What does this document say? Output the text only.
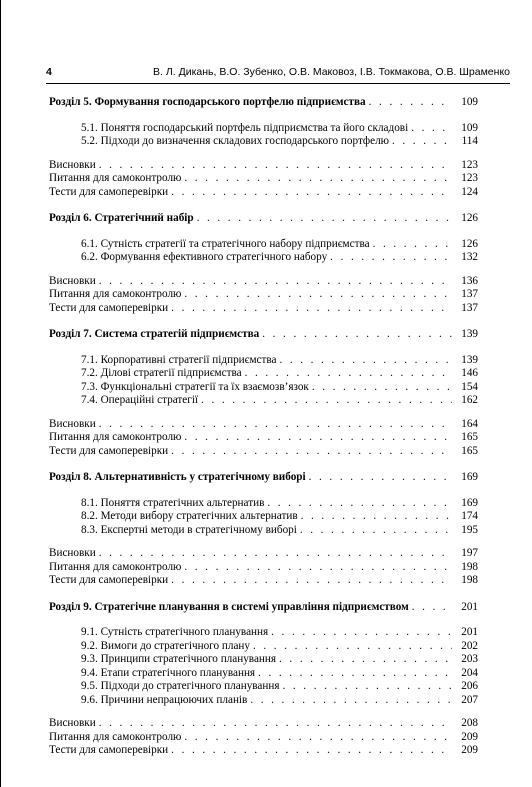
4	В. Л. Дикань, В.О. Зубенко, О.В. Маковоз, І.В. Токмакова, О.В. Шраменко
Розділ 5. Формування господарського портфелю підприємства . . .	109
5.1. Поняття господарський портфель підприємства та його складові . . .	109
5.2. Підходи до визначення складових господарського портфелю . . .	114
Висновки . . .	123
Питання для самоконтролю . . .	123
Тести для самоперевірки . . .	124
Розділ 6. Стратегічний набір . . .	126
6.1. Сутність стратегії та стратегічного набору підприємства . . .	126
6.2. Формування ефективного стратегічного набору . . .	132
Висновки . . .	136
Питання для самоконтролю . . .	137
Тести для самоперевірки . . .	137
Розділ 7. Система стратегій підприємства . . .	139
7.1. Корпоративні стратегії підприємства . . .	139
7.2. Ділові стратегії підприємства . . .	146
7.3. Функціональні стратегії та їх взаємозв’язок . . .	154
7.4. Операційні стратегії . . .	162
Висновки . . .	164
Питання для самоконтролю . . .	165
Тести для самоперевірки . . .	165
Розділ 8. Альтернативність у стратегічному виборі . . .	169
8.1. Поняття стратегічних альтернатив . . .	169
8.2. Методи вибору стратегічних альтернатив . . .	174
8.3. Експертні методи в стратегічному виборі . . .	195
Висновки . . .	197
Питання для самоконтролю . . .	198
Тести для самоперевірки . . .	198
Розділ 9. Стратегічне планування в системі управління підприємством . . .	201
9.1. Сутність стратегічного планування . . .	201
9.2. Вимоги до стратегічного плану . . .	202
9.3. Принципи стратегічного планування . . .	203
9.4. Етапи стратегічного планування . . .	204
9.5. Підходи до стратегічного планування . . .	206
9.6. Причини непрацюючих планів . . .	207
Висновки . . .	208
Питання для самоконтролю . . .	209
Тести для самоперевірки . . .	209
